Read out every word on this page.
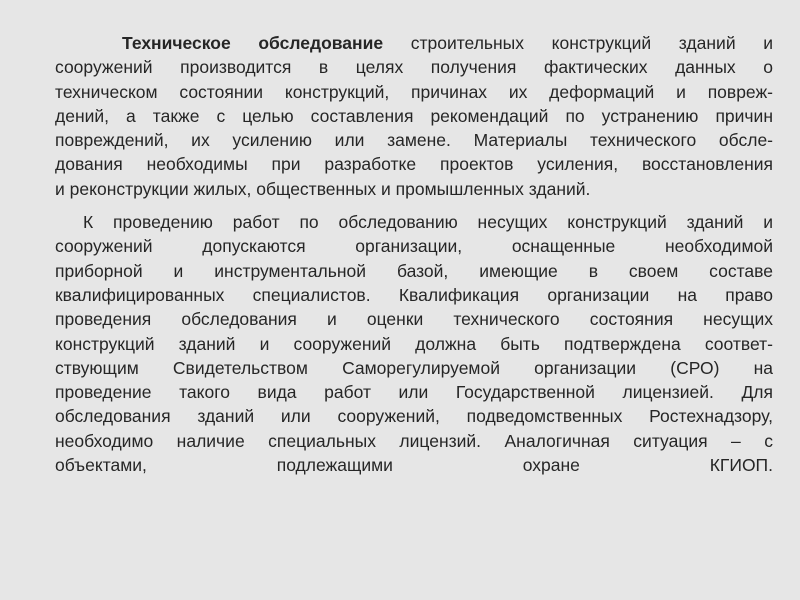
Техническое обследование строительных конструкций зданий и
сооружений производится в целях получения фактических данных о
техническом состоянии конструкций, причинах их деформаций и повреж-
дений, а также с целью составления рекомендаций по устранению причин
повреждений, их усилению или замене. Материалы технического обсле-
дования необходимы при разработке проектов усиления, восстановления
и реконструкции жилых, общественных и промышленных зданий.

К проведению работ по обследованию несущих конструкций зданий и
сооружений допускаются организации, оснащенные необходимой
приборной и инструментальной базой, имеющие в своем составе
квалифицированных специалистов. Квалификация организации на право
проведения обследования и оценки технического состояния несущих
конструкций зданий и сооружений должна быть подтверждена соответ-
ствующим Свидетельством Саморегулируемой организации (СРО) на
проведение такого вида работ или Государственной лицензией. Для
обследования зданий или сооружений, подведомственных Ростехнадзору,
необходимо наличие специальных лицензий. Аналогичная ситуация – с
объектами, подлежащими охране КГИОП.
